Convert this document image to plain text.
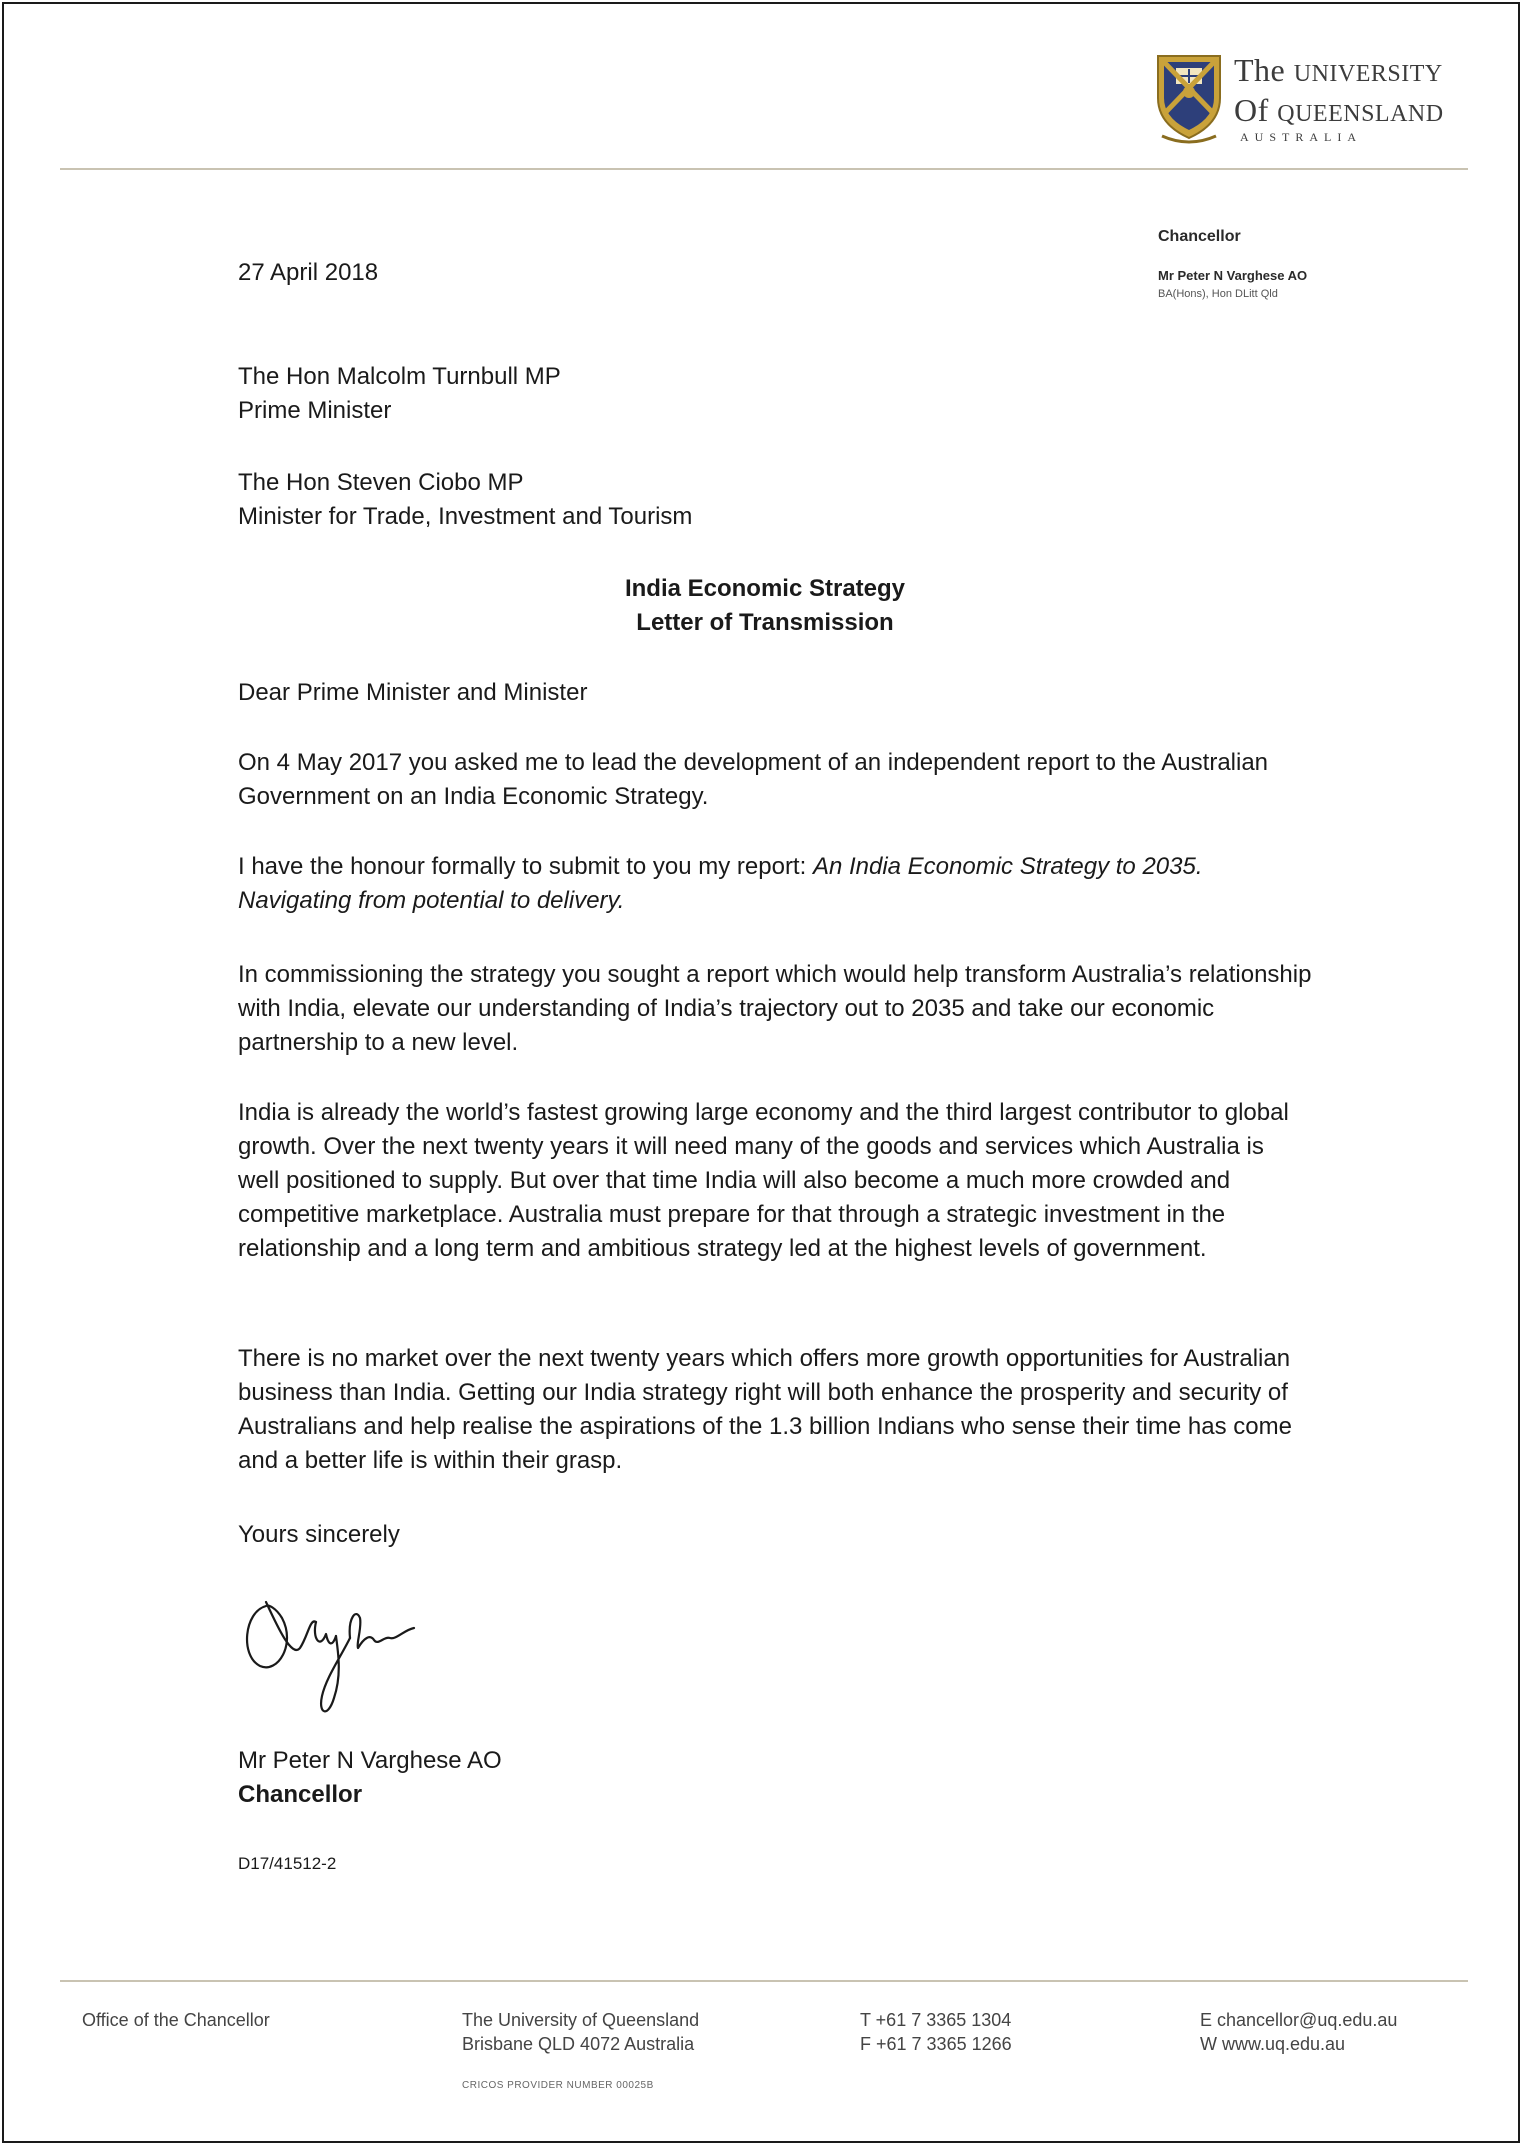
The UNIVERSITY
Of QUEENSLAND
AUSTRALIA
Chancellor
Mr Peter N Varghese AO
BA(Hons), Hon DLitt Qld
27 April 2018
The Hon Malcolm Turnbull MP
Prime Minister
The Hon Steven Ciobo MP
Minister for Trade, Investment and Tourism
India Economic Strategy
Letter of Transmission
Dear Prime Minister and Minister
On 4 May 2017 you asked me to lead the development of an independent report to the Australian Government on an India Economic Strategy.
I have the honour formally to submit to you my report: An India Economic Strategy to 2035. Navigating from potential to delivery.
In commissioning the strategy you sought a report which would help transform Australia’s relationship with India, elevate our understanding of India’s trajectory out to 2035 and take our economic partnership to a new level.
India is already the world’s fastest growing large economy and the third largest contributor to global growth. Over the next twenty years it will need many of the goods and services which Australia is well positioned to supply. But over that time India will also become a much more crowded and competitive marketplace. Australia must prepare for that through a strategic investment in the relationship and a long term and ambitious strategy led at the highest levels of government.
There is no market over the next twenty years which offers more growth opportunities for Australian business than India. Getting our India strategy right will both enhance the prosperity and security of Australians and help realise the aspirations of the 1.3 billion Indians who sense their time has come and a better life is within their grasp.
Yours sincerely
Mr Peter N Varghese AO
Chancellor
D17/41512-2
Office of the Chancellor	The University of Queensland
Brisbane QLD 4072 Australia
T +61 7 3365 1304
F +61 7 3365 1266
E chancellor@uq.edu.au
W www.uq.edu.au
CRICOS PROVIDER NUMBER 00025B
